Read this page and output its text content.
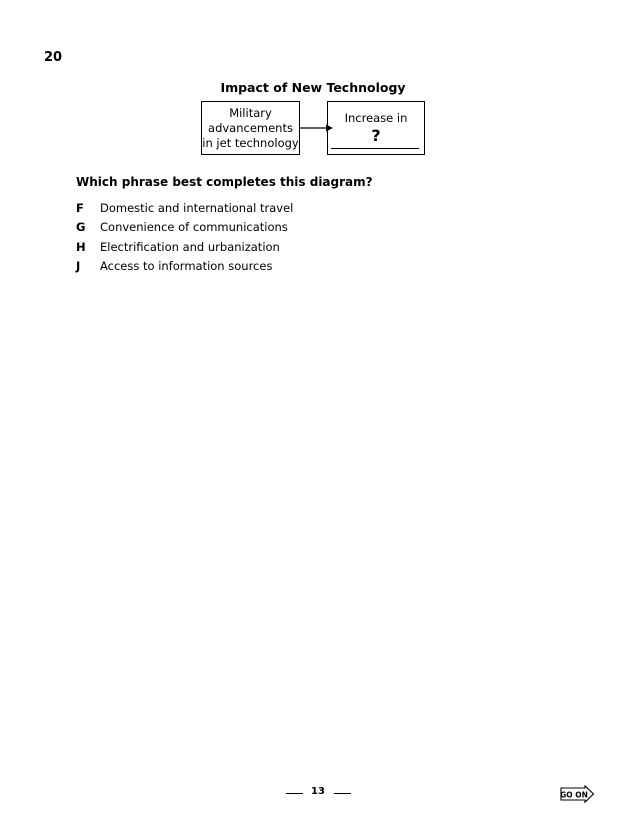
20
Impact of New Technology
Military
advancements
in jet technology
Increase in
?
Which phrase best completes this diagram?
F	Domestic and international travel
G	Convenience of communications
H	Electrification and urbanization
J	Access to information sources
13	GO ON
